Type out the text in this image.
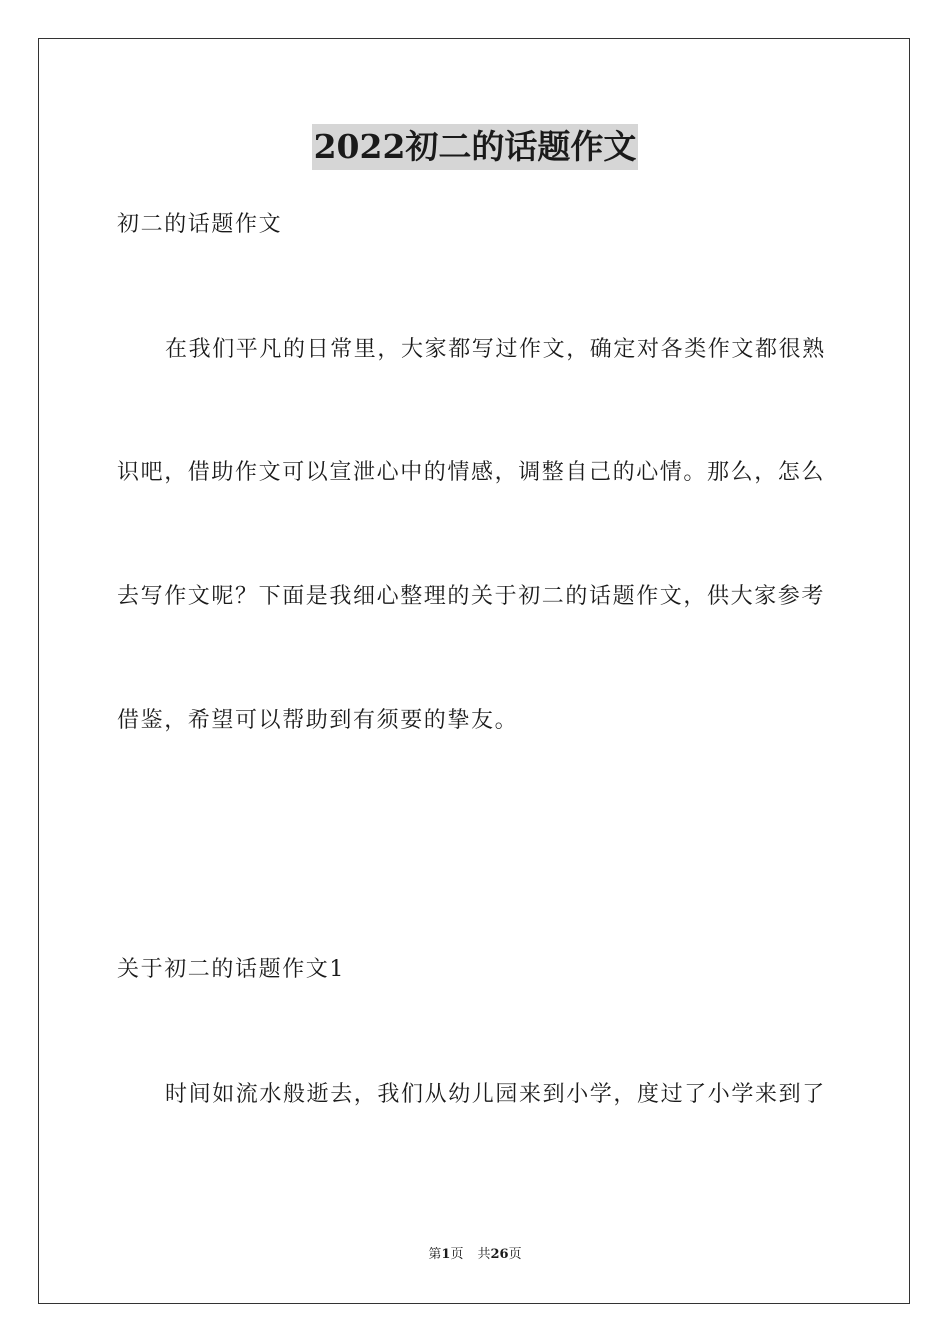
2022初二的话题作文
初二的话题作文
在我们平凡的日常里，大家都写过作文，确定对各类作文都很熟
识吧，借助作文可以宣泄心中的情感，调整自己的心情。那么，怎么
去写作文呢？下面是我细心整理的关于初二的话题作文，供大家参考
借鉴，希望可以帮助到有须要的挚友。
关于初二的话题作文1
时间如流水般逝去，我们从幼儿园来到小学，度过了小学来到了
第1页 共26页
